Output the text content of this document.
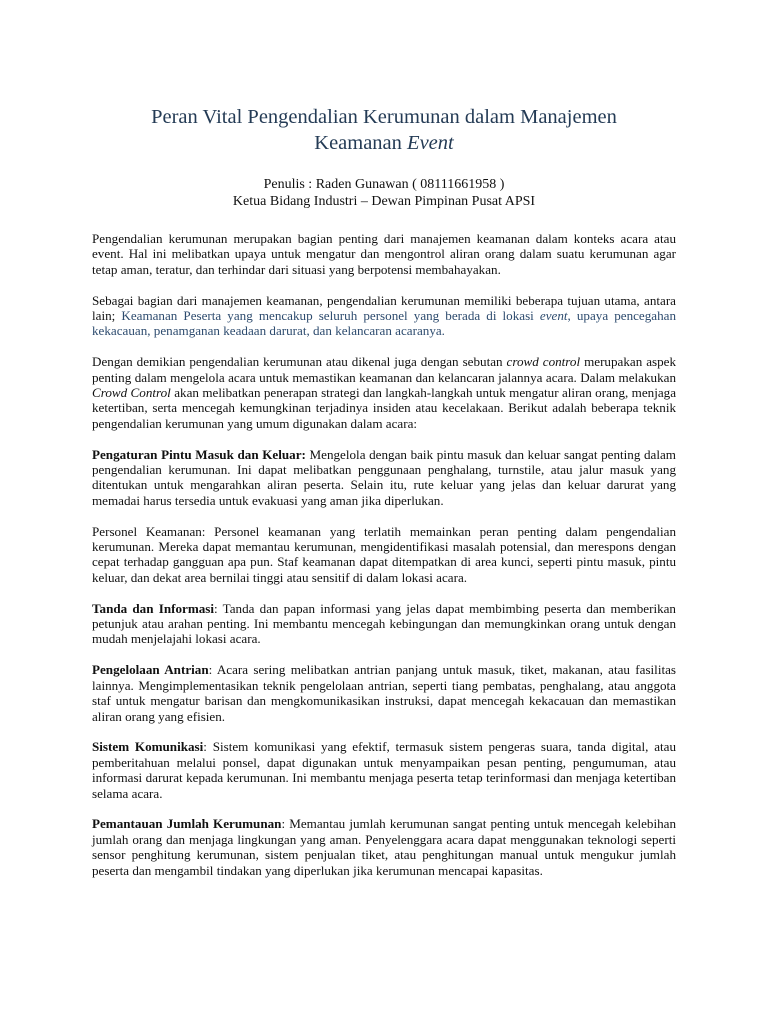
Peran Vital Pengendalian Kerumunan dalam Manajemen
Keamanan Event
Penulis : Raden Gunawan ( 08111661958 )
Ketua Bidang Industri – Dewan Pimpinan Pusat APSI

Pengendalian kerumunan merupakan bagian penting dari manajemen keamanan dalam konteks acara atau event. Hal ini melibatkan upaya untuk mengatur dan mengontrol aliran orang dalam suatu kerumunan agar tetap aman, teratur, dan terhindar dari situasi yang berpotensi membahayakan.

Sebagai bagian dari manajemen keamanan, pengendalian kerumunan memiliki beberapa tujuan utama, antara lain; Keamanan Peserta yang mencakup seluruh personel yang berada di lokasi event, upaya pencegahan kekacauan, penamganan keadaan darurat, dan kelancaran acaranya.

Dengan demikian pengendalian kerumunan atau dikenal juga dengan sebutan crowd control merupakan aspek penting dalam mengelola acara untuk memastikan keamanan dan kelancaran jalannya acara. Dalam melakukan Crowd Control akan melibatkan penerapan strategi dan langkah-langkah untuk mengatur aliran orang, menjaga ketertiban, serta mencegah kemungkinan terjadinya insiden atau kecelakaan. Berikut adalah beberapa teknik pengendalian kerumunan yang umum digunakan dalam acara:

Pengaturan Pintu Masuk dan Keluar: Mengelola dengan baik pintu masuk dan keluar sangat penting dalam pengendalian kerumunan. Ini dapat melibatkan penggunaan penghalang, turnstile, atau jalur masuk yang ditentukan untuk mengarahkan aliran peserta. Selain itu, rute keluar yang jelas dan keluar darurat yang memadai harus tersedia untuk evakuasi yang aman jika diperlukan.

Personel Keamanan: Personel keamanan yang terlatih memainkan peran penting dalam pengendalian kerumunan. Mereka dapat memantau kerumunan, mengidentifikasi masalah potensial, dan merespons dengan cepat terhadap gangguan apa pun. Staf keamanan dapat ditempatkan di area kunci, seperti pintu masuk, pintu keluar, dan dekat area bernilai tinggi atau sensitif di dalam lokasi acara.

Tanda dan Informasi: Tanda dan papan informasi yang jelas dapat membimbing peserta dan memberikan petunjuk atau arahan penting. Ini membantu mencegah kebingungan dan memungkinkan orang untuk dengan mudah menjelajahi lokasi acara.

Pengelolaan Antrian: Acara sering melibatkan antrian panjang untuk masuk, tiket, makanan, atau fasilitas lainnya. Mengimplementasikan teknik pengelolaan antrian, seperti tiang pembatas, penghalang, atau anggota staf untuk mengatur barisan dan mengkomunikasikan instruksi, dapat mencegah kekacauan dan memastikan aliran orang yang efisien.

Sistem Komunikasi: Sistem komunikasi yang efektif, termasuk sistem pengeras suara, tanda digital, atau pemberitahuan melalui ponsel, dapat digunakan untuk menyampaikan pesan penting, pengumuman, atau informasi darurat kepada kerumunan. Ini membantu menjaga peserta tetap terinformasi dan menjaga ketertiban selama acara.

Pemantauan Jumlah Kerumunan: Memantau jumlah kerumunan sangat penting untuk mencegah kelebihan jumlah orang dan menjaga lingkungan yang aman. Penyelenggara acara dapat menggunakan teknologi seperti sensor penghitung kerumunan, sistem penjualan tiket, atau penghitungan manual untuk mengukur jumlah peserta dan mengambil tindakan yang diperlukan jika kerumunan mencapai kapasitas.
